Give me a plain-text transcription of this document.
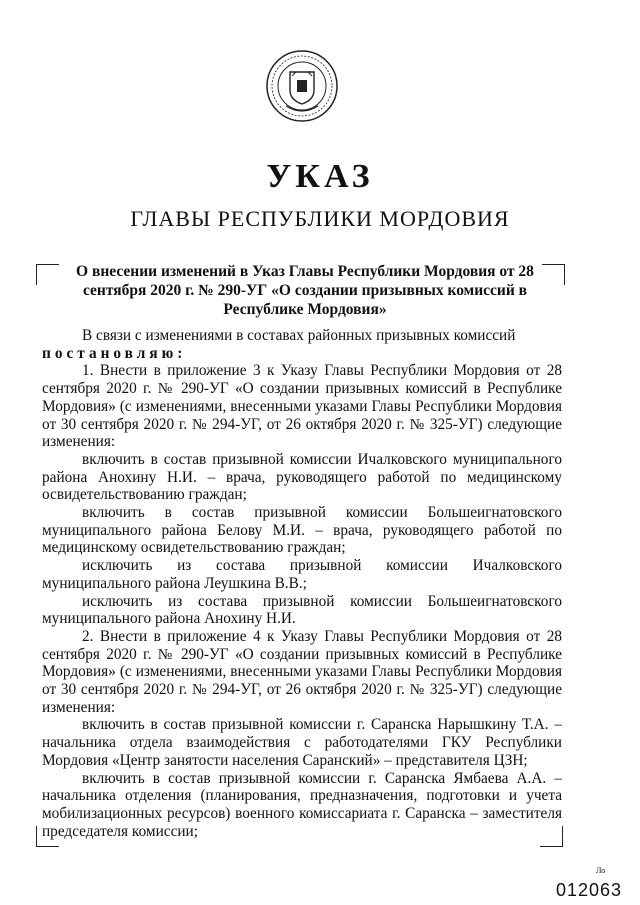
УКАЗ
ГЛАВЫ РЕСПУБЛИКИ МОРДОВИЯ
О внесении изменений в Указ Главы Республики Мордовия от 28 сентября 2020 г. № 290-УГ «О создании призывных комиссий в Республике Мордовия»

В связи с изменениями в составах районных призывных комиссий

постановляю:

1. Внести в приложение 3 к Указу Главы Республики Мордовия от 28 сентября 2020 г. № 290-УГ «О создании призывных комиссий в Республике Мордовия» (с изменениями, внесенными указами Главы Республики Мордовия от 30 сентября 2020 г. № 294-УГ, от 26 октября 2020 г. № 325-УГ) следующие изменения:

включить в состав призывной комиссии Ичалковского муниципального района Анохину Н.И. – врача, руководящего работой по медицинскому освидетельствованию граждан;

включить в состав призывной комиссии Большеигнатовского муниципального района Белову М.И. – врача, руководящего работой по медицинскому освидетельствованию граждан;

исключить из состава призывной комиссии Ичалковского муниципального района Леушкина В.В.;

исключить из состава призывной комиссии Большеигнатовского муниципального района Анохину Н.И.

2. Внести в приложение 4 к Указу Главы Республики Мордовия от 28 сентября 2020 г. № 290-УГ «О создании призывных комиссий в Республике Мордовия» (с изменениями, внесенными указами Главы Республики Мордовия от 30 сентября 2020 г. № 294-УГ, от 26 октября 2020 г. № 325-УГ) следующие изменения:

включить в состав призывной комиссии г. Саранска Нарышкину Т.А. – начальника отдела взаимодействия с работодателями ГКУ Республики Мордовия «Центр занятости населения Саранский» – представителя ЦЗН;

включить в состав призывной комиссии г. Саранска Ямбаева А.А. – начальника отделения (планирования, предназначения, подготовки и учета мобилизационных ресурсов) военного комиссариата г. Саранска – заместителя председателя комиссии;

Ло
012063
